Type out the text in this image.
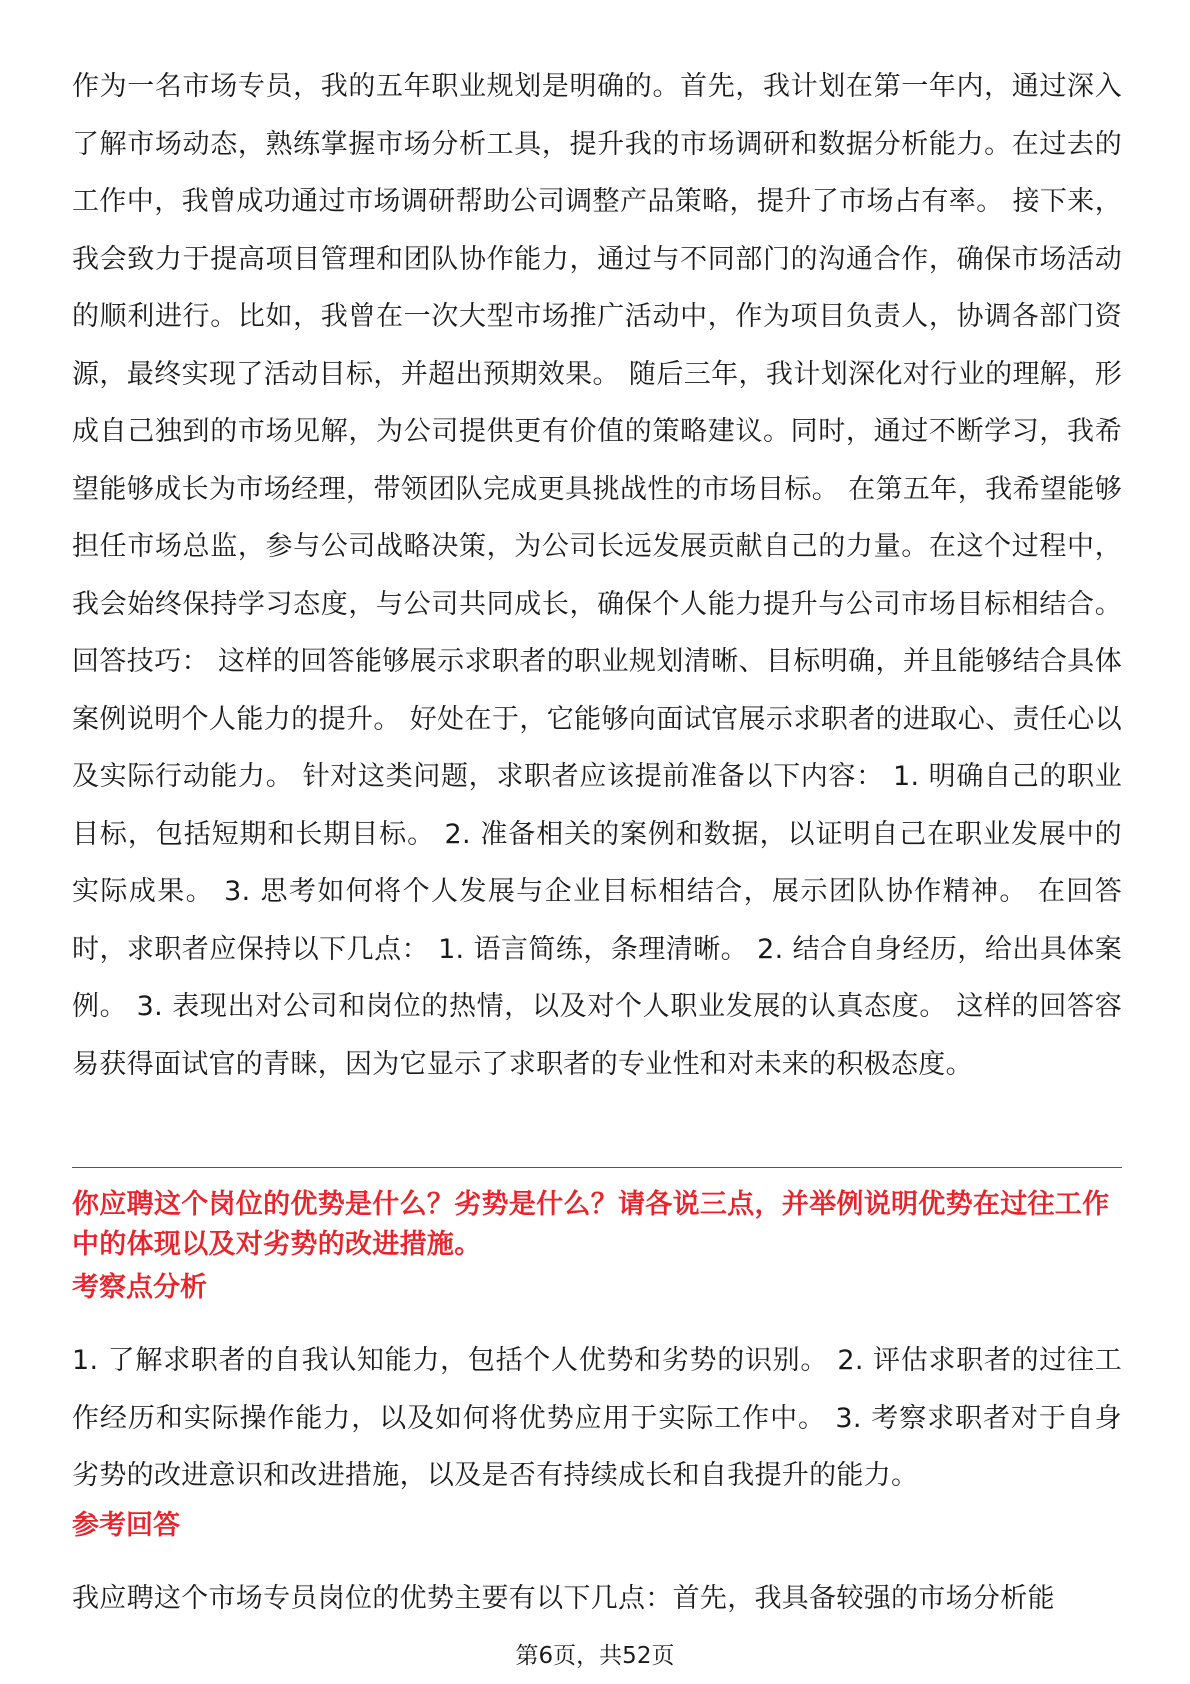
作为一名市场专员，我的五年职业规划是明确的。首先，我计划在第一年内，通过深入了解市场动态，熟练掌握市场分析工具，提升我的市场调研和数据分析能力。在过去的工作中，我曾成功通过市场调研帮助公司调整产品策略，提升了市场占有率。 接下来，我会致力于提高项目管理和团队协作能力，通过与不同部门的沟通合作，确保市场活动的顺利进行。比如，我曾在一次大型市场推广活动中，作为项目负责人，协调各部门资源，最终实现了活动目标，并超出预期效果。 随后三年，我计划深化对行业的理解，形成自己独到的市场见解，为公司提供更有价值的策略建议。同时，通过不断学习，我希望能够成长为市场经理，带领团队完成更具挑战性的市场目标。 在第五年，我希望能够担任市场总监，参与公司战略决策，为公司长远发展贡献自己的力量。在这个过程中，我会始终保持学习态度，与公司共同成长，确保个人能力提升与公司市场目标相结合。 回答技巧： 这样的回答能够展示求职者的职业规划清晰、目标明确，并且能够结合具体案例说明个人能力的提升。 好处在于，它能够向面试官展示求职者的进取心、责任心以及实际行动能力。 针对这类问题，求职者应该提前准备以下内容： 1. 明确自己的职业目标，包括短期和长期目标。 2. 准备相关的案例和数据，以证明自己在职业发展中的实际成果。 3. 思考如何将个人发展与企业目标相结合，展示团队协作精神。 在回答时，求职者应保持以下几点： 1. 语言简练，条理清晰。 2. 结合自身经历，给出具体案例。 3. 表现出对公司和岗位的热情，以及对个人职业发展的认真态度。 这样的回答容易获得面试官的青睐，因为它显示了求职者的专业性和对未来的积极态度。

你应聘这个岗位的优势是什么？劣势是什么？请各说三点，并举例说明优势在过往工作中的体现以及对劣势的改进措施。

考察点分析

1. 了解求职者的自我认知能力，包括个人优势和劣势的识别。 2. 评估求职者的过往工作经历和实际操作能力，以及如何将优势应用于实际工作中。 3. 考察求职者对于自身劣势的改进意识和改进措施，以及是否有持续成长和自我提升的能力。

参考回答

我应聘这个市场专员岗位的优势主要有以下几点：首先，我具备较强的市场分析能

第6页，共52页
